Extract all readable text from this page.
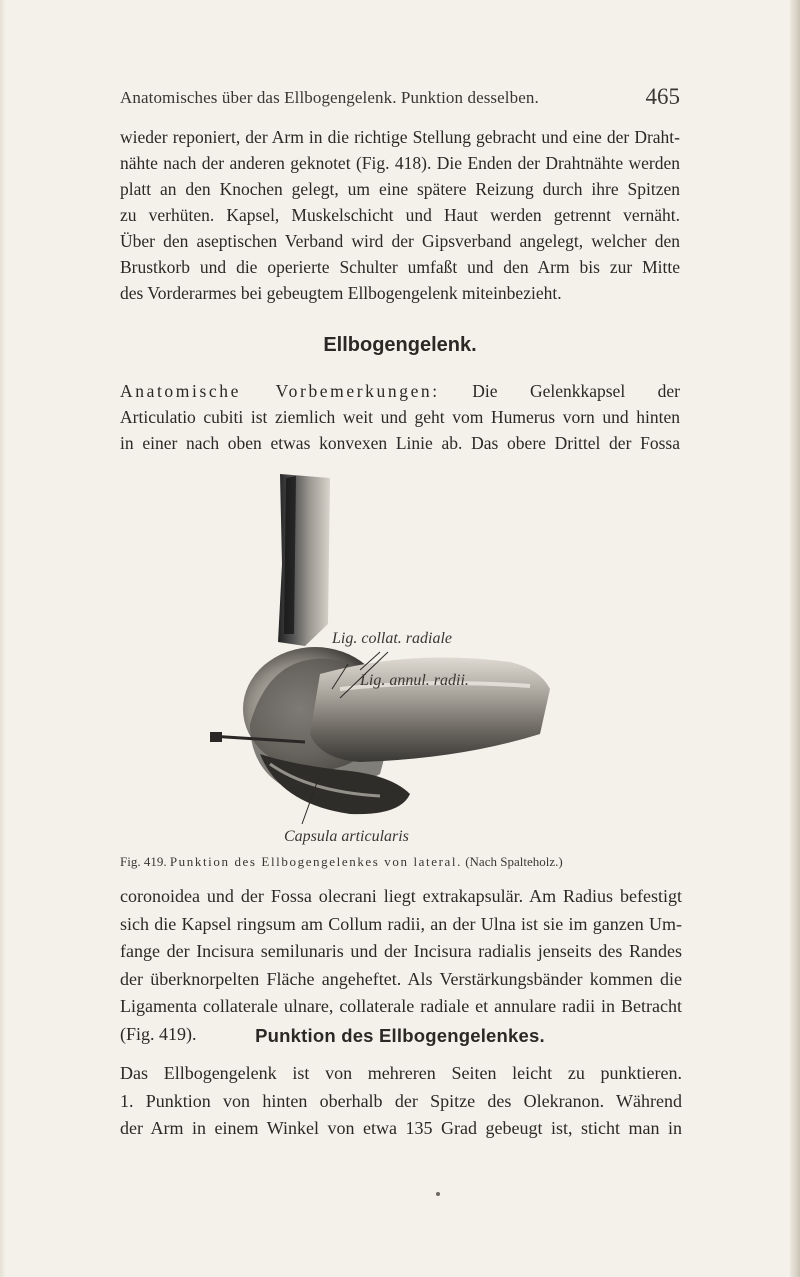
Anatomisches über das Ellbogengelenk. Punktion desselben.	465
wieder reponiert, der Arm in die richtige Stellung gebracht und eine der Draht-
nähte nach der anderen geknotet (Fig. 418). Die Enden der Drahtnähte werden
platt an den Knochen gelegt, um eine spätere Reizung durch ihre Spitzen
zu verhüten. Kapsel, Muskelschicht und Haut werden getrennt vernäht.
Über den aseptischen Verband wird der Gipsverband angelegt, welcher den
Brustkorb und die operierte Schulter umfaßt und den Arm bis zur Mitte
des Vorderarmes bei gebeugtem Ellbogengelenk miteinbezieht.
Ellbogengelenk.
Anatomische Vorbemerkungen: Die Gelenkkapsel der
Articulatio cubiti ist ziemlich weit und geht vom Humerus vorn und hinten
in einer nach oben etwas konvexen Linie ab. Das obere Drittel der Fossa
Lig. collat. radiale
Lig. annul. radii.
Capsula articularis
Fig. 419. Punktion des Ellbogengelenkes von lateral. (Nach Spalteholz.)
coronoidea und der Fossa olecrani liegt extrakapsulär. Am Radius befestigt
sich die Kapsel ringsum am Collum radii, an der Ulna ist sie im ganzen Um-
fange der Incisura semilunaris und der Incisura radialis jenseits des Randes
der überknorpelten Fläche angeheftet. Als Verstärkungsbänder kommen die
Ligamenta collaterale ulnare, collaterale radiale et annulare radii in Betracht
(Fig. 419).	Punktion des Ellbogengelenkes.
Das Ellbogengelenk ist von mehreren Seiten leicht zu punktieren.
1. Punktion von hinten oberhalb der Spitze des Olekranon. Während
der Arm in einem Winkel von etwa 135 Grad gebeugt ist, sticht man in
